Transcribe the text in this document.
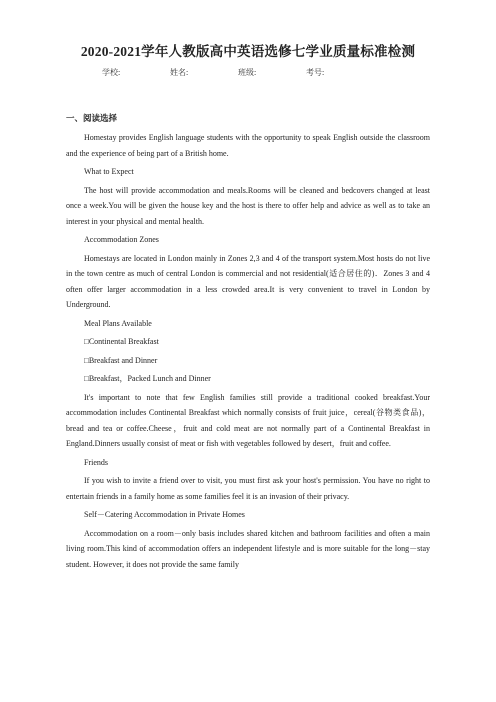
2020-2021学年人教版高中英语选修七学业质量标准检测
学校:	姓名:	班级:	考号:
一、阅读选择

Homestay provides English language students with the opportunity to speak English outside the classroom and the experience of being part of a British home.

What to Expect

The host will provide accommodation and meals.Rooms will be cleaned and bedcovers changed at least once a week.You will be given the house key and the host is there to offer help and advice as well as to take an interest in your physical and mental health.

Accommodation Zones

Homestays are located in London mainly in Zones 2,3 and 4 of the transport system.Most hosts do not live in the town centre as much of central London is commercial and not residential(适合居住的)．Zones 3 and 4 often offer larger accommodation in a less crowded area.It is very convenient to travel in London by Underground.

Meal Plans Available

□Continental Breakfast

□Breakfast and Dinner

□Breakfast，Packed Lunch and Dinner

It's important to note that few English families still provide a traditional cooked breakfast.Your accommodation includes Continental Breakfast which normally consists of fruit juice，cereal(谷物类食品)，bread and tea or coffee.Cheese，fruit and cold meat are not normally part of a Continental Breakfast in England.Dinners usually consist of meat or fish with vegetables followed by desert，fruit and coffee.

Friends

If you wish to invite a friend over to visit, you must first ask your host's permission. You have no right to entertain friends in a family home as some families feel it is an invasion of their privacy.

Self－Catering Accommodation in Private Homes

Accommodation on a room－only basis includes shared kitchen and bathroom facilities and often a main living room.This kind of accommodation offers an independent lifestyle and is more suitable for the long－stay student. However, it does not provide the same family
